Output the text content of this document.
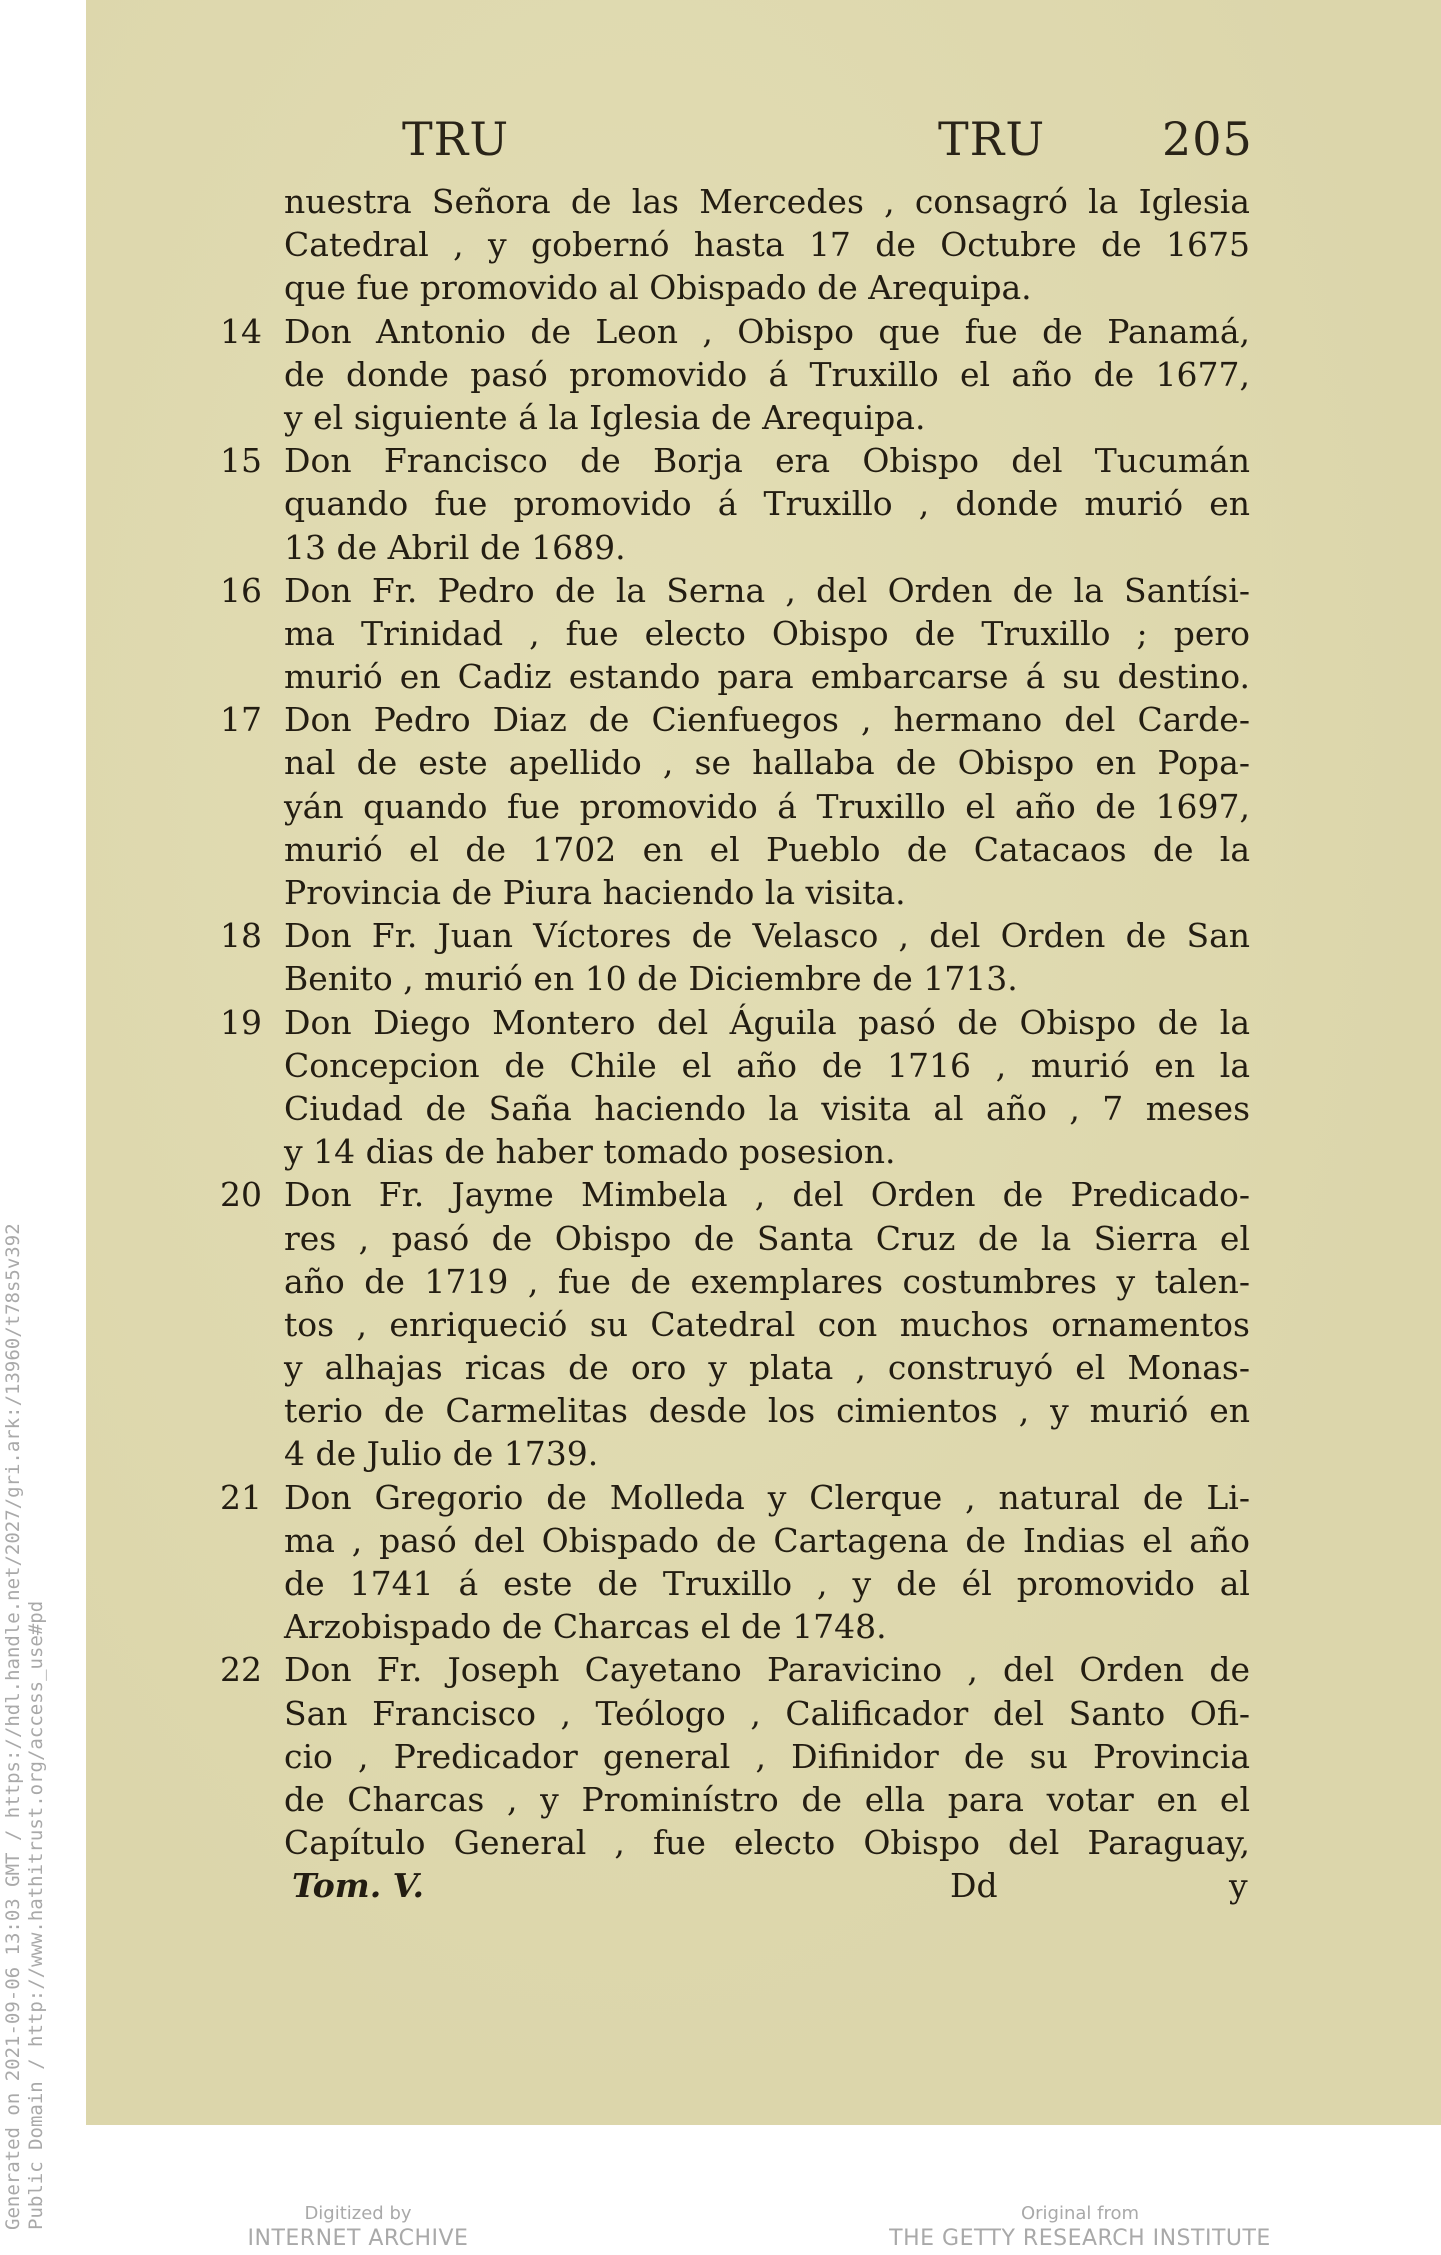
TRU	TRU	205
nuestra Señora de las Mercedes , consagró la Iglesia
Catedral , y gobernó hasta 17 de Octubre de 1675
que fue promovido al Obispado de Arequipa.
14 Don Antonio de Leon , Obispo que fue de Panamá,
de donde pasó promovido á Truxillo el año de 1677,
y el siguiente á la Iglesia de Arequipa.
15 Don Francisco de Borja era Obispo del Tucumán
quando fue promovido á Truxillo , donde murió en
13 de Abril de 1689.
16 Don Fr. Pedro de la Serna , del Orden de la Santísi-
ma Trinidad , fue electo Obispo de Truxillo ; pero
murió en Cadiz estando para embarcarse á su destino.
17 Don Pedro Diaz de Cienfuegos , hermano del Carde-
nal de este apellido , se hallaba de Obispo en Popa-
yán quando fue promovido á Truxillo el año de 1697,
murió el de 1702 en el Pueblo de Catacaos de la
Provincia de Piura haciendo la visita.
18 Don Fr. Juan Víctores de Velasco , del Orden de San
Benito , murió en 10 de Diciembre de 1713.
19 Don Diego Montero del Águila pasó de Obispo de la
Concepcion de Chile el año de 1716 , murió en la
Ciudad de Saña haciendo la visita al año , 7 meses
y 14 dias de haber tomado posesion.
20 Don Fr. Jayme Mimbela , del Orden de Predicado-
res , pasó de Obispo de Santa Cruz de la Sierra el
año de 1719 , fue de exemplares costumbres y talen-
tos , enriqueció su Catedral con muchos ornamentos
y alhajas ricas de oro y plata , construyó el Monas-
terio de Carmelitas desde los cimientos , y murió en
4 de Julio de 1739.
21 Don Gregorio de Molleda y Clerque , natural de Li-
ma , pasó del Obispado de Cartagena de Indias el año
de 1741 á este de Truxillo , y de él promovido al
Arzobispado de Charcas el de 1748.
22 Don Fr. Joseph Cayetano Paravicino , del Orden de
San Francisco , Teólogo , Calificador del Santo Ofi-
cio , Predicador general , Difinidor de su Provincia
de Charcas , y Prominístro de ella para votar en el
Capítulo General , fue electo Obispo del Paraguay,
Tom. V.	Dd	y
Generated on 2021-09-06 13:03 GMT / https://hdl.handle.net/2027/gri.ark:/13960/t78s5v392 Public Domain / http://www.hathitrust.org/access_use#pd	Digitized by
INTERNET ARCHIVE
Original from
THE GETTY RESEARCH INSTITUTE
